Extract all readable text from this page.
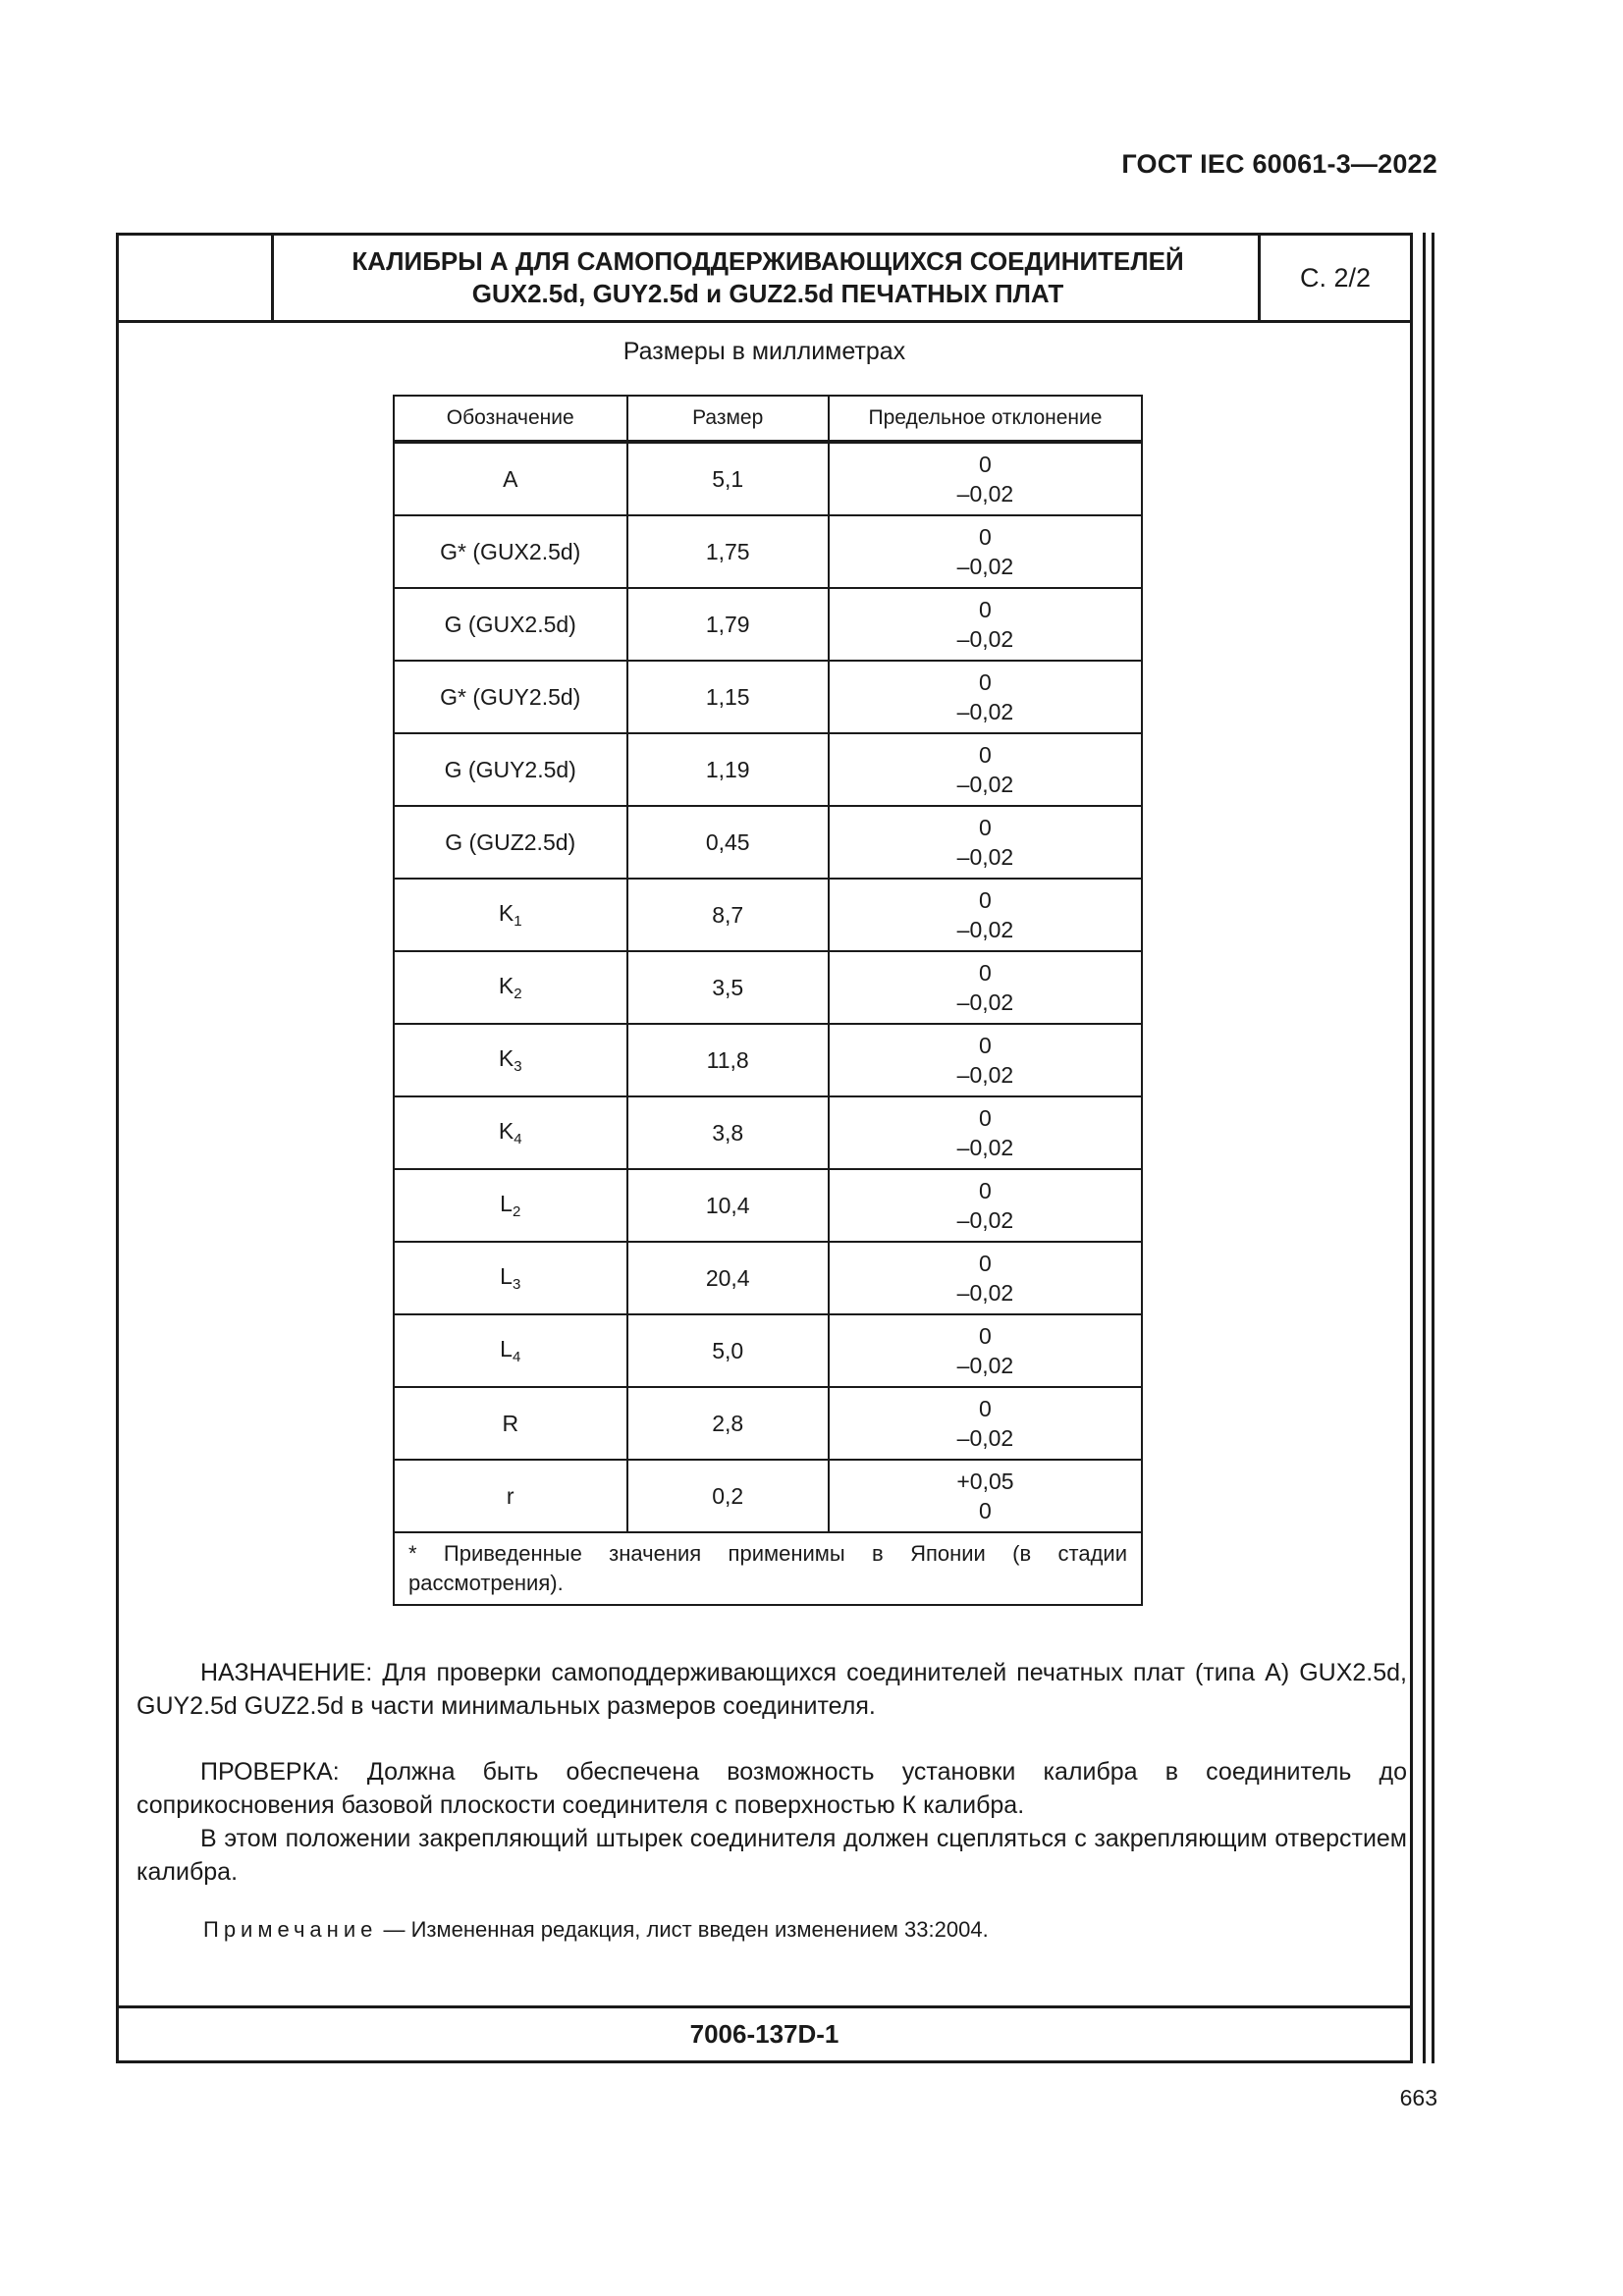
ГОСТ IEC 60061-3—2022
КАЛИБРЫ А ДЛЯ САМОПОДДЕРЖИВАЮЩИХСЯ СОЕДИНИТЕЛЕЙ
GUX2.5d, GUY2.5d и GUZ2.5d ПЕЧАТНЫХ ПЛАТ
С. 2/2
Размеры в миллиметрах
Обозначение	Размер	Предельное отклонение
A	5,1	0
–0,02

G* (GUX2.5d)	1,75	0
–0,02

G (GUX2.5d)	1,79	0
–0,02

G* (GUY2.5d)	1,15	0
–0,02

G (GUY2.5d)	1,19	0
–0,02

G (GUZ2.5d)	0,45	0
–0,02

$K_1$	8,7	0
–0,02

$K_2$	3,5	0
–0,02

$K_3$	11,8	0
–0,02

$K_4$	3,8	0
–0,02

$L_2$	10,4	0
–0,02

$L_3$	20,4	0
–0,02

$L_4$	5,0	0
–0,02

R	2,8	0
–0,02

r	0,2	+0,05
0

* Приведенные значения применимы в Японии (в стадии рассмотрения).		
НАЗНАЧЕНИЕ: Для проверки самоподдерживающихся соединителей печатных плат (типа А) GUX2.5d, GUY2.5d GUZ2.5d в части минимальных размеров соединителя.
ПРОВЕРКА: Должна быть обеспечена возможность установки калибра в соединитель до соприкосновения базовой плоскости соединителя с поверхностью К калибра.
В этом положении закрепляющий штырек соединителя должен сцепляться с закрепляющим отверстием калибра.
Примечание — Измененная редакция, лист введен изменением 33:2004.
7006-137D-1
663
